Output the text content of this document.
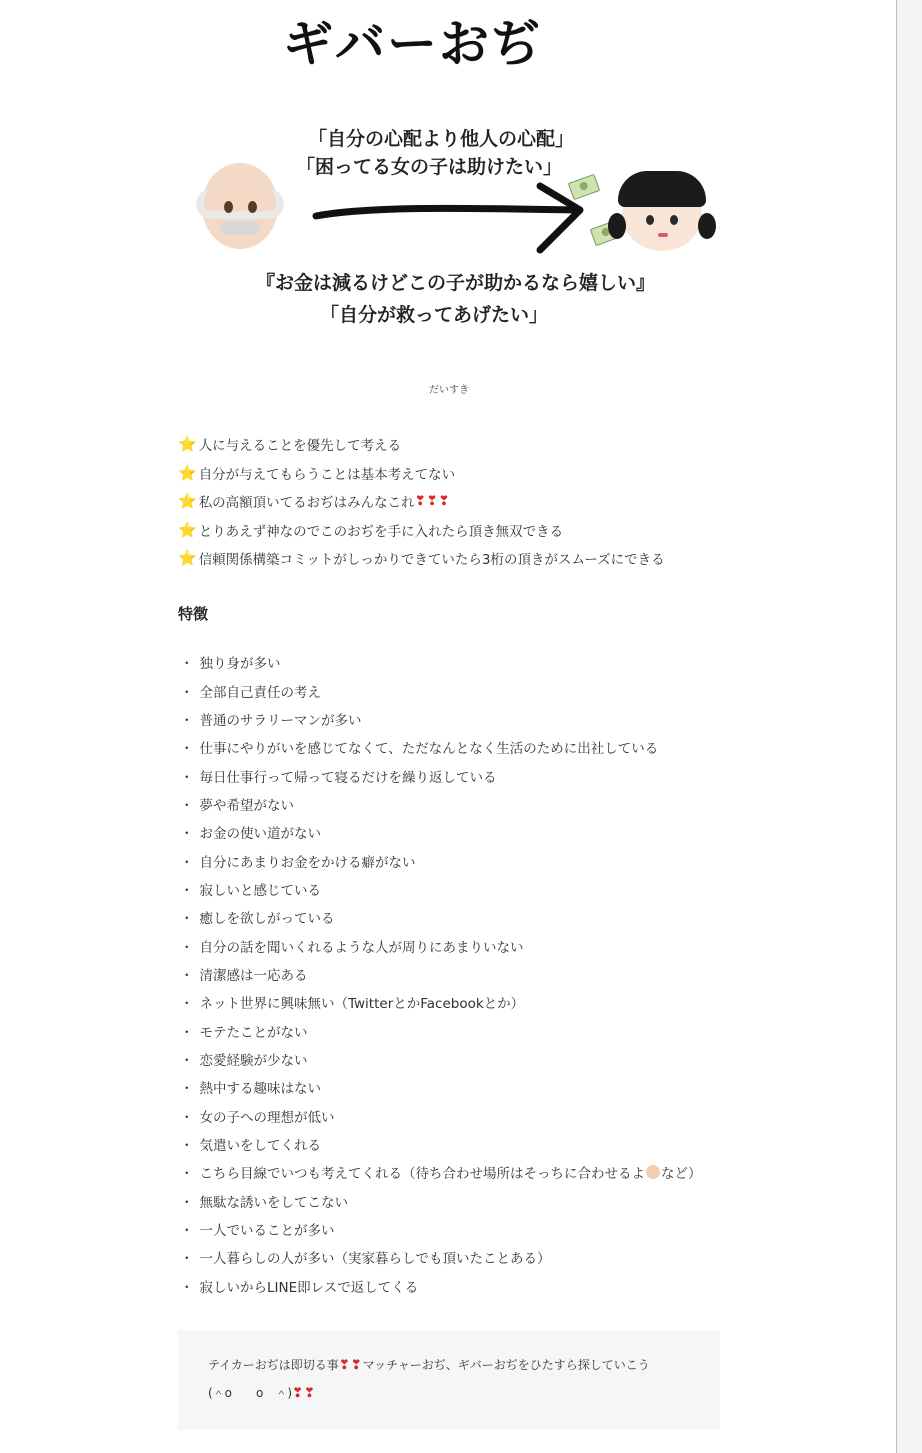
ギバーおぢ
「自分の心配より他人の心配」
「困ってる女の子は助けたい」
『お金は減るけどこの子が助かるなら嬉しい』
「自分が救ってあげたい」
だいすき
⭐ 人に与えることを優先して考える
⭐ 自分が与えてもらうことは基本考えてない
⭐ 私の高額頂いてるおぢはみんなこれ ❣❣❣
⭐ とりあえず神なのでこのおぢを手に入れたら頂き無双できる
⭐ 信頼関係構築コミットがしっかりできていたら3桁の頂きがスムーズにできる
特徴
・ 独り身が多い
・ 全部自己責任の考え
・ 普通のサラリーマンが多い
・ 仕事にやりがいを感じてなくて、ただなんとなく生活のために出社している
・ 毎日仕事行って帰って寝るだけを繰り返している
・ 夢や希望がない
・ お金の使い道がない
・ 自分にあまりお金をかける癖がない
・ 寂しいと感じている
・ 癒しを欲しがっている
・ 自分の話を聞いくれるような人が周りにあまりいない
・ 清潔感は一応ある
・ ネット世界に興味無い（TwitterとかFacebookとか）
・ モテたことがない
・ 恋愛経験が少ない
・ 熱中する趣味はない
・ 女の子への理想が低い
・ 気遣いをしてくれる
・ こちら目線でいつも考えてくれる（待ち合わせ場所はそっちに合わせるよ など）
・ 無駄な誘いをしてこない
・ 一人でいることが多い
・ 一人暮らしの人が多い（実家暮らしでも頂いたことある）
・ 寂しいからLINE即レスで返してくる
テイカーおぢは即切る事❣❣マッチャーおぢ、ギバーおぢをひたすら探していこう
(＾o　　o　＾)❣❣
